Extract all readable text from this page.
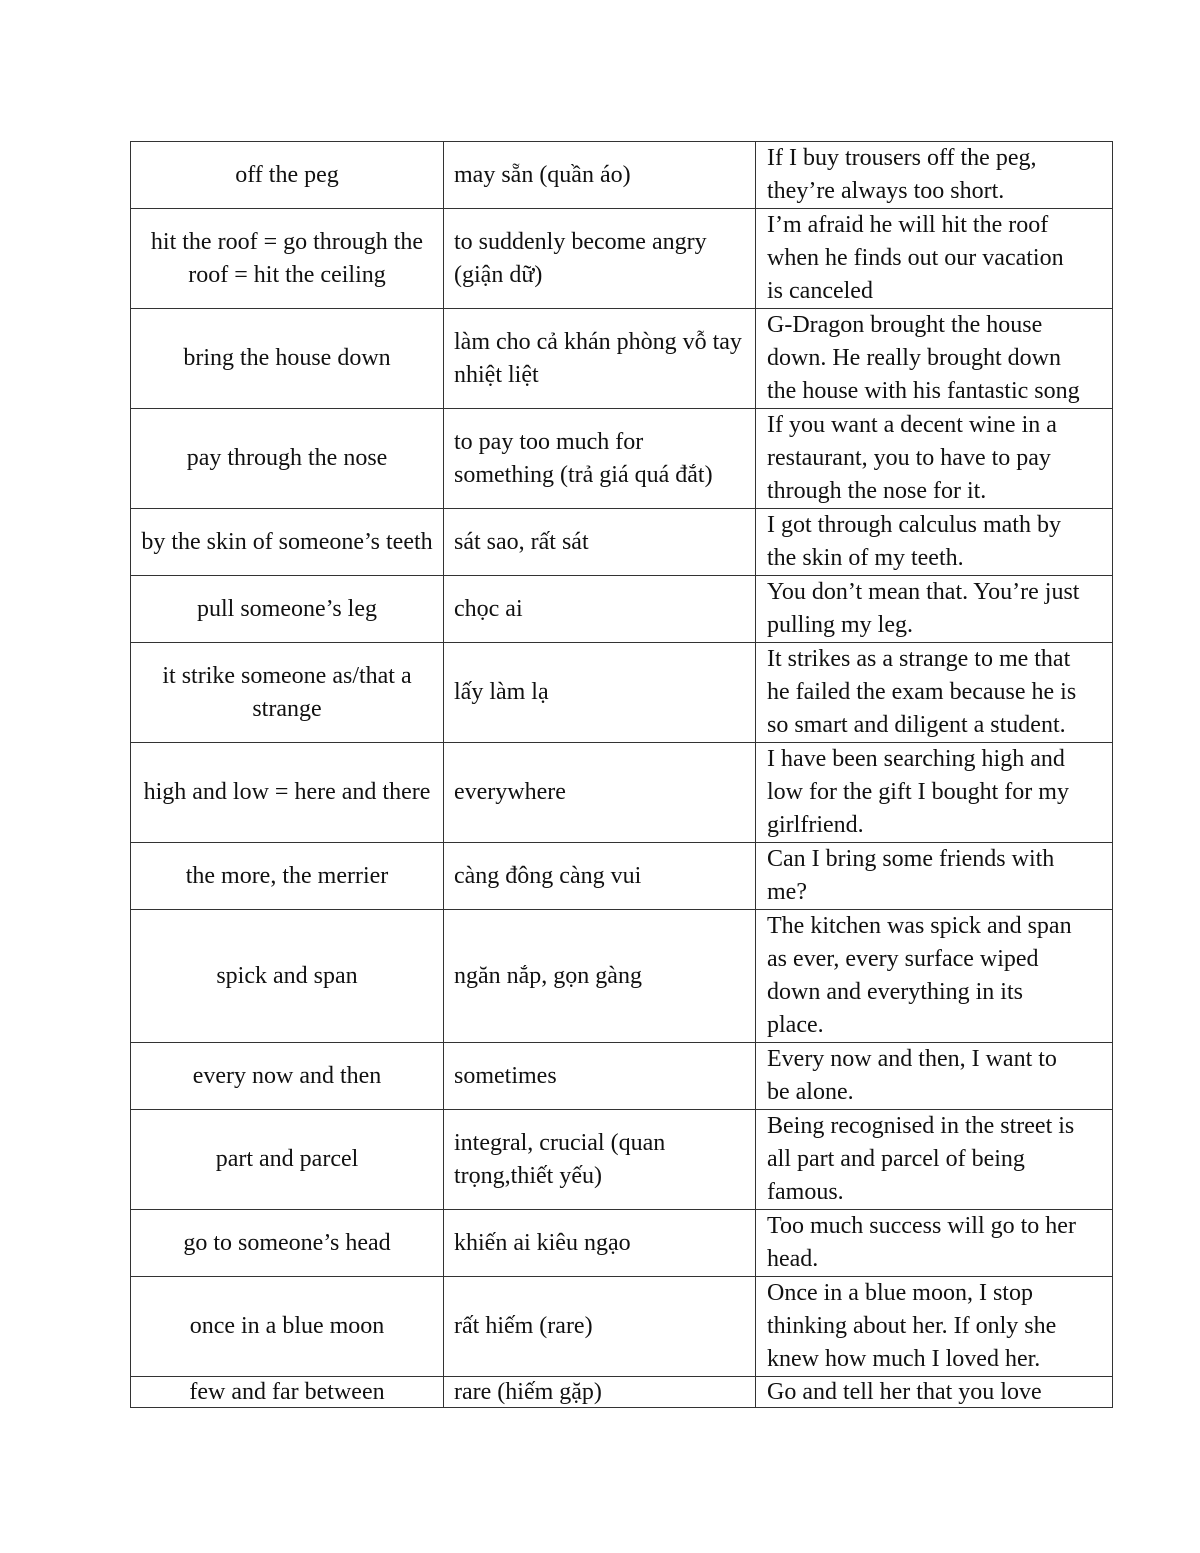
off the peg	may sẵn (quần áo)	If I buy trousers off the peg,
they’re always too short.
hit the roof = go through the roof = hit the ceiling	to suddenly become angry (giận dữ)	I’m afraid he will hit the roof
when he finds out our vacation
is canceled
bring the house down	làm cho cả khán phòng vỗ tay nhiệt liệt	G-Dragon brought the house
down. He really brought down
the house with his fantastic song
pay through the nose	to pay too much for something (trả giá quá đắt)	If you want a decent wine in a
restaurant, you to have to pay
through the nose for it.
by the skin of someone’s teeth	sát sao, rất sát	I got through calculus math by
the skin of my teeth.
pull someone’s leg	chọc ai	You don’t mean that. You’re just
pulling my leg.
it strike someone as/that a strange	lấy làm lạ	It strikes as a strange to me that
he failed the exam because he is
so smart and diligent a student.
high and low = here and there	everywhere	I have been searching high and
low for the gift I bought for my
girlfriend.
the more, the merrier	càng đông càng vui	Can I bring some friends with
me?
spick and span	ngăn nắp, gọn gàng	The kitchen was spick and span
as ever, every surface wiped
down and everything in its
place.
every now and then	sometimes	Every now and then, I want to
be alone.
part and parcel	integral, crucial (quan trọng,thiết yếu)	Being recognised in the street is
all part and parcel of being
famous.
go to someone’s head	khiến ai kiêu ngạo	Too much success will go to her
head.
once in a blue moon	rất hiếm (rare)	Once in a blue moon, I stop
thinking about her. If only she
knew how much I loved her.
few and far between	rare (hiếm gặp)	Go and tell her that you love
